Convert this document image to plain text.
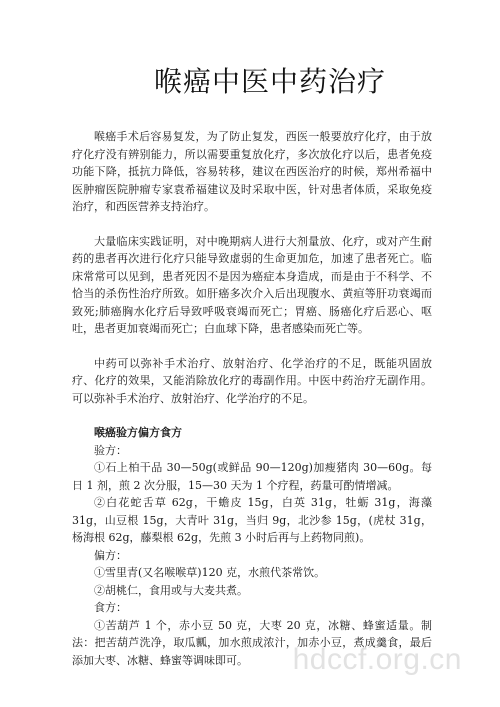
喉癌中医中药治疗

喉癌手术后容易复发，为了防止复发，西医一般要放疗化疗，由于放疗化疗没有辨别能力，所以需要重复放化疗，多次放化疗以后，患者免疫功能下降，抵抗力降低，容易转移，建议在西医治疗的时候，郑州希福中医肿瘤医院肿瘤专家袁希福建议及时采取中医，针对患者体质，采取免疫治疗，和西医营养支持治疗。

大量临床实践证明，对中晚期病人进行大剂量放、化疗，或对产生耐药的患者再次进行化疗只能导致虚弱的生命更加危，加速了患者死亡。临床常常可以见到，患者死因不是因为癌症本身造成，而是由于不科学、不恰当的杀伤性治疗所致。如肝癌多次介入后出现腹水、黄疸等肝功衰竭而致死;肺癌胸水化疗后导致呼吸衰竭而死亡；胃癌、肠癌化疗后恶心、呕吐，患者更加衰竭而死亡；白血球下降，患者感染而死亡等。

中药可以弥补手术治疗、放射治疗、化学治疗的不足，既能巩固放疗、化疗的效果，又能消除放化疗的毒副作用。中医中药治疗无副作用。可以弥补手术治疗、放射治疗、化学治疗的不足。

喉癌验方偏方食方

验方：

①石上柏干品 30—50g(或鲜品 90—120g)加瘦猪肉 30—60g。每日 1 剂，煎 2 次分服，15—30 天为 1 个疗程，药量可酌情增减。

②白花蛇舌草 62g，干蟾皮 15g，白英 31g，牡蛎 31g，海藻 31g，山豆根 15g，大青叶 31g，当归 9g，北沙参 15g，(虎杖 31g，杨海根 62g，藤梨根 62g，先煎 3 小时后再与上药物同煎)。

偏方：

①雪里青(又名喉喉草)120 克，水煎代茶常饮。

②胡桃仁，食用或与大麦共煮。

食方：

①苦葫芦 1 个，赤小豆 50 克，大枣 20 克，冰糖、蜂蜜适量。制法：把苦葫芦洗净，取瓜瓤，加水煎成浓汁，加赤小豆，煮成羹食，最后添加大枣、冰糖、蜂蜜等调味即可。	hdccf.org.cn
